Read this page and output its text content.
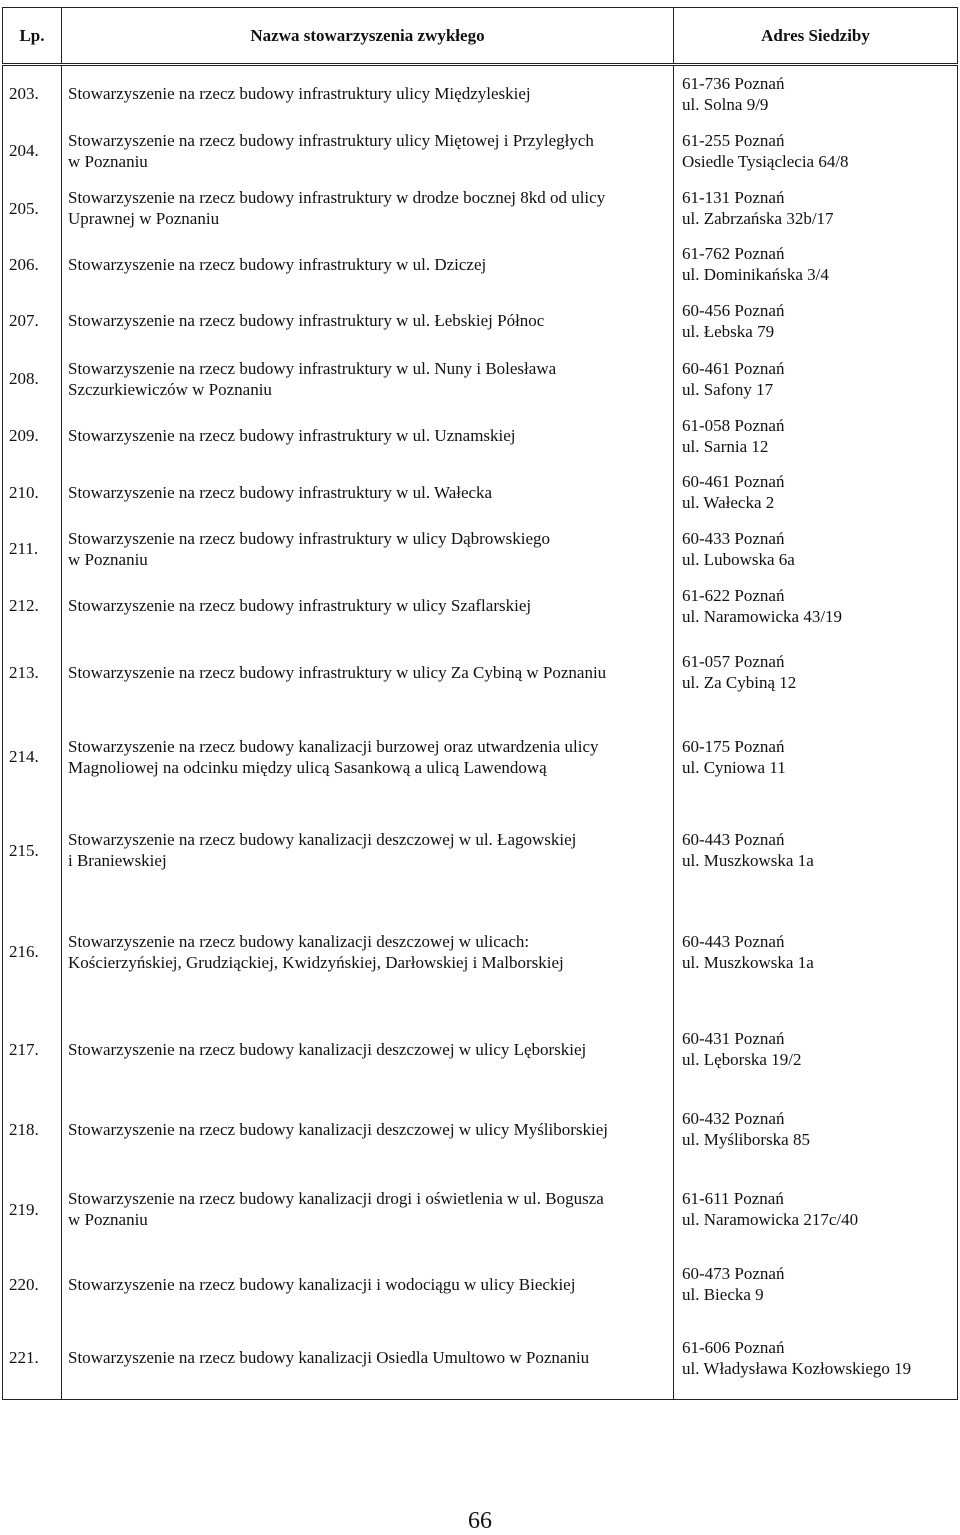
Lp.	Nazwa stowarzyszenia zwykłego	Adres Siedziby
203.	Stowarzyszenie na rzecz budowy infrastruktury ulicy Międzyleskiej	61-736 Poznań
ul. Solna 9/9

204.	Stowarzyszenie na rzecz budowy infrastruktury ulicy Miętowej i Przyległych
w Poznaniu	61-255 Poznań
Osiedle Tysiąclecia 64/8

205.	Stowarzyszenie na rzecz budowy infrastruktury w drodze bocznej 8kd od ulicy
Uprawnej w Poznaniu	61-131 Poznań
ul. Zabrzańska 32b/17

206.	Stowarzyszenie na rzecz budowy infrastruktury w ul. Dziczej	61-762 Poznań
ul. Dominikańska 3/4

207.	Stowarzyszenie na rzecz budowy infrastruktury w ul. Łebskiej Północ	60-456 Poznań
ul. Łebska 79

208.	Stowarzyszenie na rzecz budowy infrastruktury w ul. Nuny i Bolesława
Szczurkiewiczów w Poznaniu	60-461 Poznań
ul. Safony 17

209.	Stowarzyszenie na rzecz budowy infrastruktury w ul. Uznamskiej	61-058 Poznań
ul. Sarnia 12

210.	Stowarzyszenie na rzecz budowy infrastruktury w ul. Wałecka	60-461 Poznań
ul. Wałecka 2

211.	Stowarzyszenie na rzecz budowy infrastruktury w ulicy Dąbrowskiego
w Poznaniu	60-433 Poznań
ul. Lubowska 6a

212.	Stowarzyszenie na rzecz budowy infrastruktury w ulicy Szaflarskiej	61-622 Poznań
ul. Naramowicka 43/19

213.	Stowarzyszenie na rzecz budowy infrastruktury w ulicy Za Cybiną w Poznaniu	61-057 Poznań
ul. Za Cybiną 12

214.	Stowarzyszenie na rzecz budowy kanalizacji burzowej oraz utwardzenia ulicy
Magnoliowej na odcinku między ulicą Sasankową a ulicą Lawendową	60-175 Poznań
ul. Cyniowa 11

215.	Stowarzyszenie na rzecz budowy kanalizacji deszczowej w ul. Łagowskiej
i Braniewskiej	60-443 Poznań
ul. Muszkowska 1a

216.	Stowarzyszenie na rzecz budowy kanalizacji deszczowej w ulicach:
Kościerzyńskiej, Grudziąckiej, Kwidzyńskiej, Darłowskiej i Malborskiej	60-443 Poznań
ul. Muszkowska 1a

217.	Stowarzyszenie na rzecz budowy kanalizacji deszczowej w ulicy Lęborskiej	60-431 Poznań
ul. Lęborska 19/2

218.	Stowarzyszenie na rzecz budowy kanalizacji deszczowej w ulicy Myśliborskiej	60-432 Poznań
ul. Myśliborska 85

219.	Stowarzyszenie na rzecz budowy kanalizacji drogi i oświetlenia w ul. Bogusza
w Poznaniu	61-611 Poznań
ul. Naramowicka 217c/40

220.	Stowarzyszenie na rzecz budowy kanalizacji i wodociągu w ulicy Bieckiej	60-473 Poznań
ul. Biecka 9

221.	Stowarzyszenie na rzecz budowy kanalizacji Osiedla Umultowo w Poznaniu	61-606 Poznań
ul. Władysława Kozłowskiego 19
66
